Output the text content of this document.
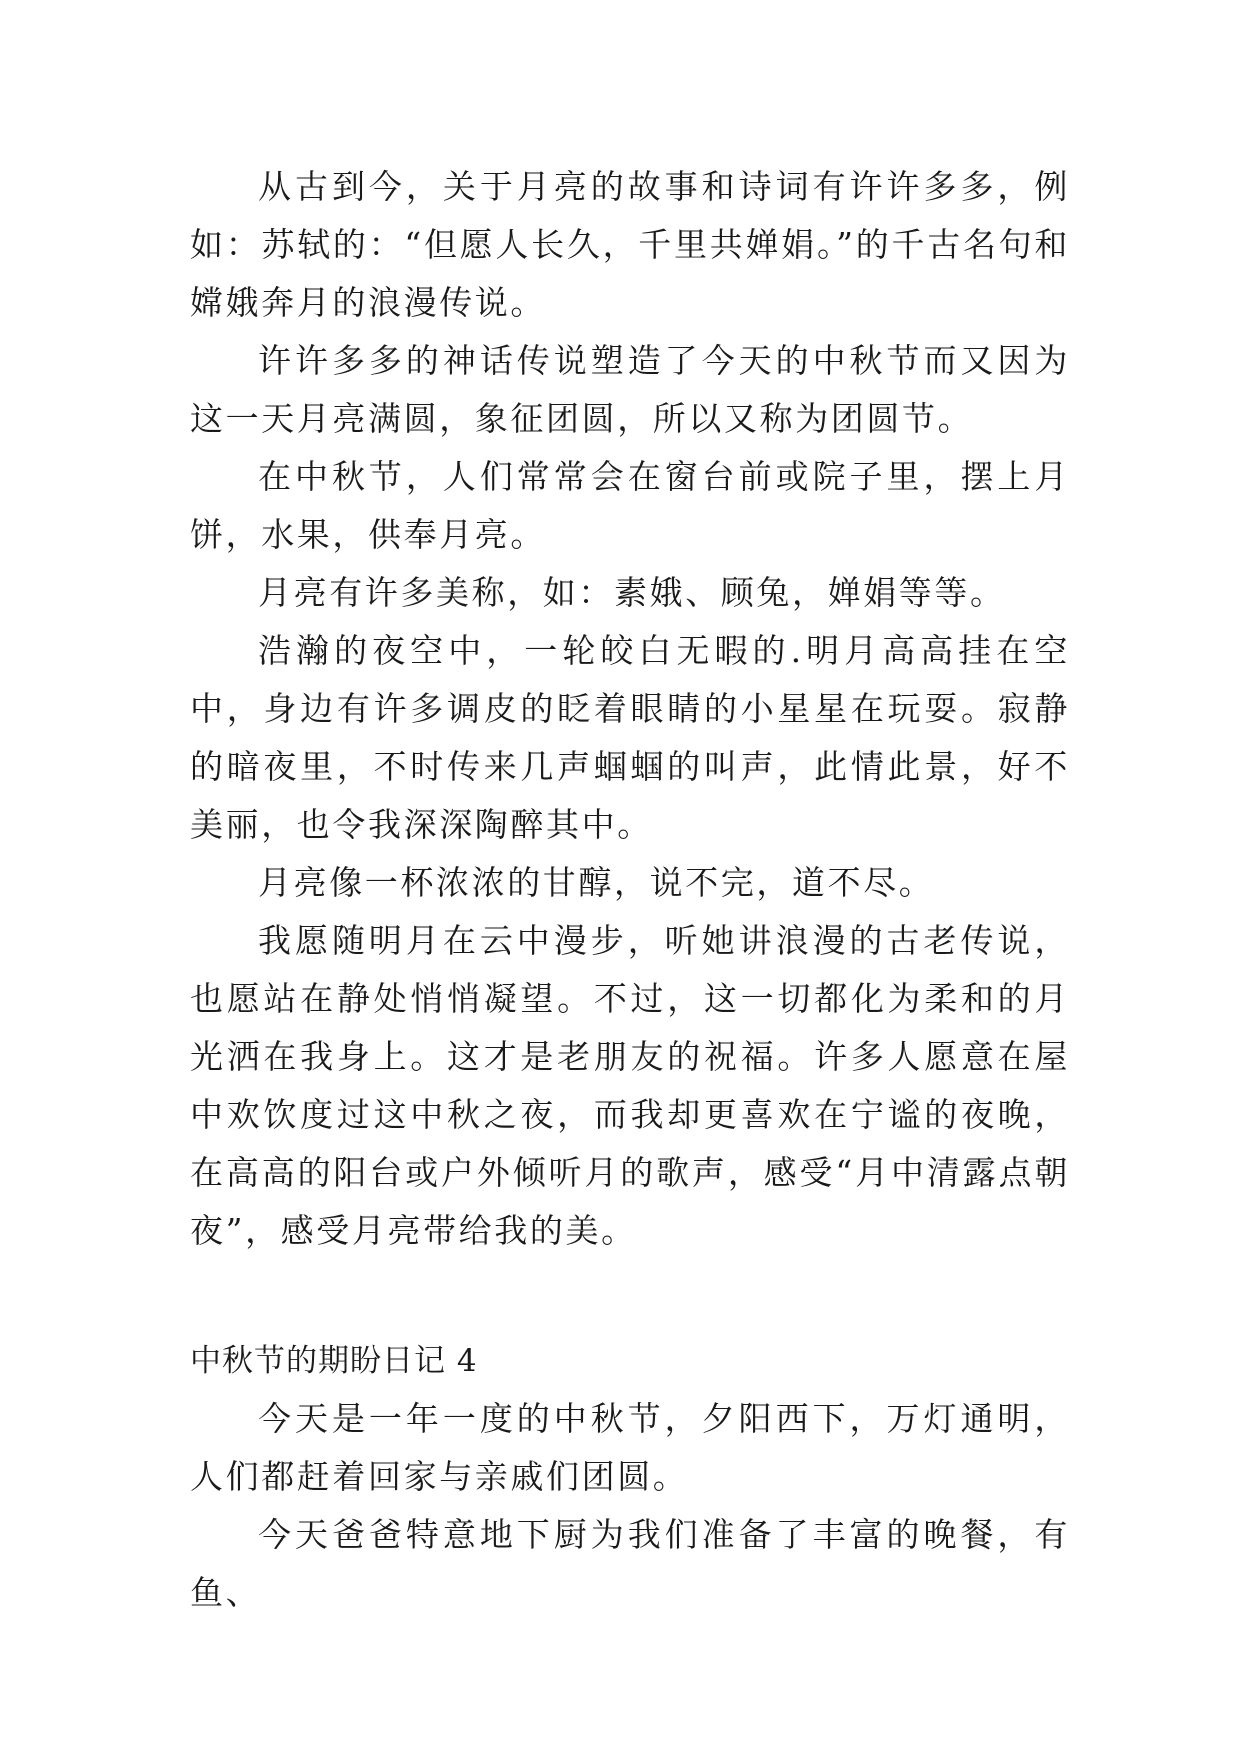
从古到今，关于月亮的故事和诗词有许许多多，例如：苏轼的：“但愿人长久，千里共婵娟。”的千古名句和嫦娥奔月的浪漫传说。

许许多多的神话传说塑造了今天的中秋节而又因为这一天月亮满圆，象征团圆，所以又称为团圆节。

在中秋节，人们常常会在窗台前或院子里，摆上月饼，水果，供奉月亮。

月亮有许多美称，如：素娥、顾兔，婵娟等等。

浩瀚的夜空中，一轮皎白无暇的.明月高高挂在空中，身边有许多调皮的眨着眼睛的小星星在玩耍。寂静的暗夜里，不时传来几声蝈蝈的叫声，此情此景，好不美丽，也令我深深陶醉其中。

月亮像一杯浓浓的甘醇，说不完，道不尽。

我愿随明月在云中漫步，听她讲浪漫的古老传说，也愿站在静处悄悄凝望。不过，这一切都化为柔和的月光洒在我身上。这才是老朋友的祝福。许多人愿意在屋中欢饮度过这中秋之夜，而我却更喜欢在宁谧的夜晚，在高高的阳台或户外倾听月的歌声，感受“月中清露点朝夜”，感受月亮带给我的美。

中秋节的期盼日记 4

今天是一年一度的中秋节，夕阳西下，万灯通明，人们都赶着回家与亲戚们团圆。

今天爸爸特意地下厨为我们准备了丰富的晚餐，有鱼、
